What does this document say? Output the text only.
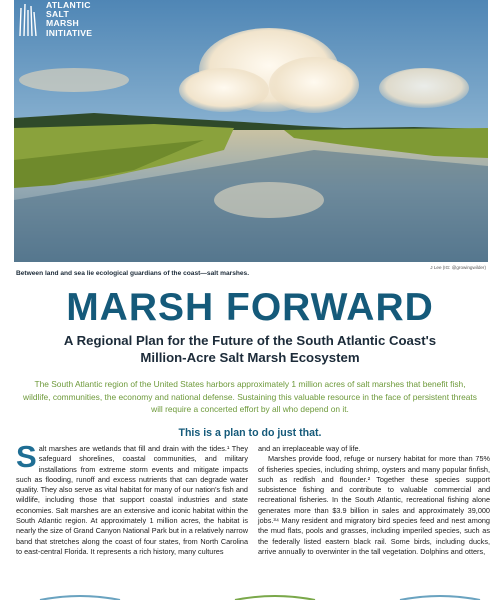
ATLANTIC
SALT
MARSH
INITIATIVE
J Lee (IG: @growingwilder)
Between land and sea lie ecological guardians of the coast—salt marshes.
MARSH FORWARD
A Regional Plan for the Future of the South Atlantic Coast's
Million-Acre Salt Marsh Ecosystem
The South Atlantic region of the United States harbors approximately 1 million acres of salt marshes that benefit fish, wildlife, communities, the economy and national defense. Sustaining this valuable resource in the face of persistent threats will require a concerted effort by all who depend on it.
This is a plan to do just that.
Salt marshes are wetlands that fill and drain with the tides.¹ They safeguard shorelines, coastal communities, and military installations from extreme storm events and mitigate impacts such as flooding, runoff and excess nutrients that can degrade water quality. They also serve as vital habitat for many of our nation's fish and wildlife, including those that support coastal industries and state economies. Salt marshes are an extensive and iconic habitat within the South Atlantic region. At approximately 1 million acres, the habitat is nearly the size of Grand Canyon National Park but in a relatively narrow band that stretches along the coast of four states, from North Carolina to east-central Florida. It represents a rich history, many cultures
and an irreplaceable way of life.
Marshes provide food, refuge or nursery habitat for more than 75% of fisheries species, including shrimp, oysters and many popular finfish, such as redfish and flounder.² Together these species support subsistence fishing and contribute to valuable commercial and recreational fisheries. In the South Atlantic, recreational fishing alone generates more than $3.9 billion in sales and approximately 39,000 jobs.³⁴ Many resident and migratory bird species feed and nest among the mud flats, pools and grasses, including imperiled species, such as the federally listed eastern black rail. Some birds, including ducks, arrive annually to overwinter in the tall vegetation. Dolphins and otters,
